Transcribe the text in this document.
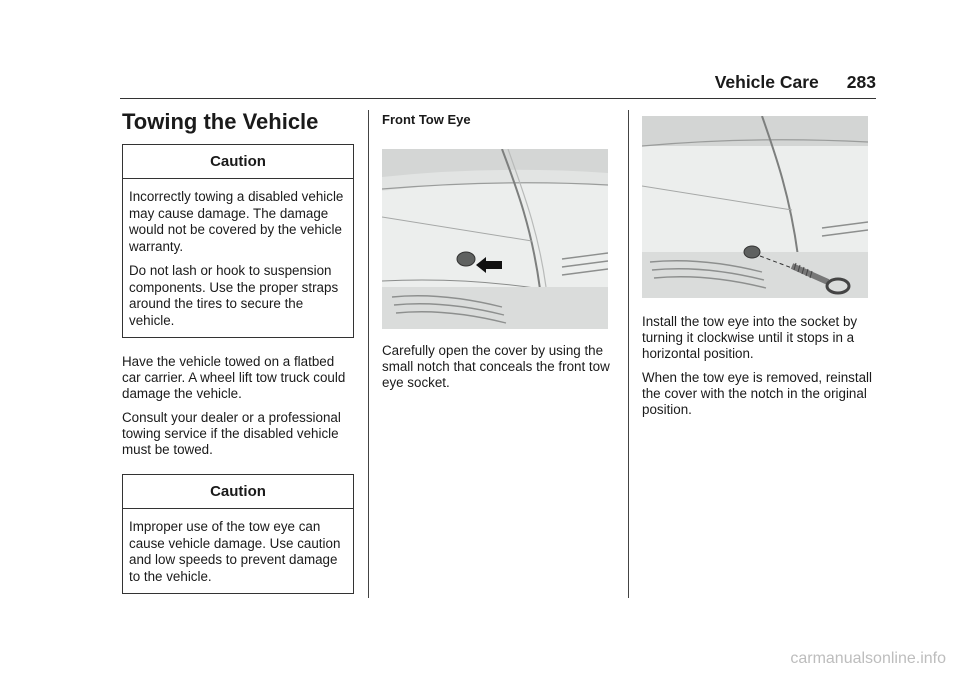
Vehicle Care 283
Towing the Vehicle
Caution

Incorrectly towing a disabled vehicle may cause damage. The damage would not be covered by the vehicle warranty.

Do not lash or hook to suspension components. Use the proper straps around the tires to secure the vehicle.

Have the vehicle towed on a flatbed car carrier. A wheel lift tow truck could damage the vehicle.

Consult your dealer or a professional towing service if the disabled vehicle must be towed.

Caution

Improper use of the tow eye can cause vehicle damage. Use caution and low speeds to prevent damage to the vehicle.

Front Tow Eye

Carefully open the cover by using the small notch that conceals the front tow eye socket.

Install the tow eye into the socket by turning it clockwise until it stops in a horizontal position.

When the tow eye is removed, reinstall the cover with the notch in the original position.

carmanualsonline.info
